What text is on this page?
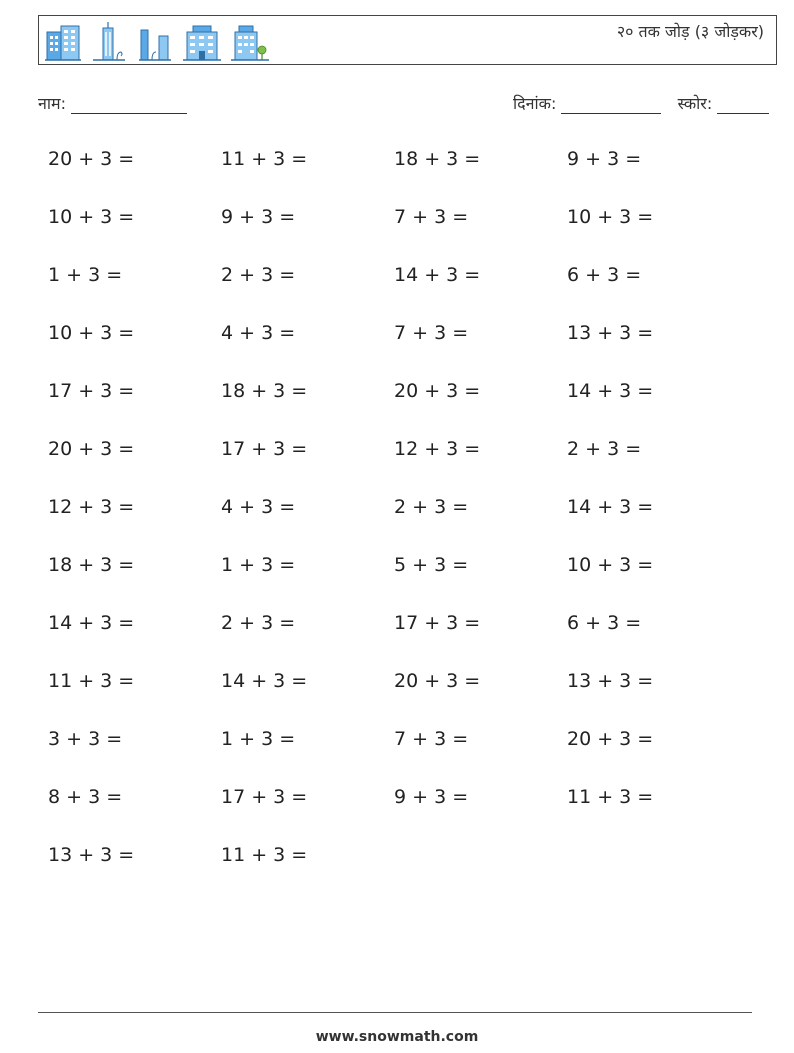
२० तक जोड़ (३ जोड़कर)
नाम:	दिनांक:	स्कोर:
20 + 3 =	11 + 3 =	18 + 3 =	9 + 3 =
10 + 3 =	9 + 3 =	7 + 3 =	10 + 3 =
1 + 3 =	2 + 3 =	14 + 3 =	6 + 3 =
10 + 3 =	4 + 3 =	7 + 3 =	13 + 3 =
17 + 3 =	18 + 3 =	20 + 3 =	14 + 3 =
20 + 3 =	17 + 3 =	12 + 3 =	2 + 3 =
12 + 3 =	4 + 3 =	2 + 3 =	14 + 3 =
18 + 3 =	1 + 3 =	5 + 3 =	10 + 3 =
14 + 3 =	2 + 3 =	17 + 3 =	6 + 3 =
11 + 3 =	14 + 3 =	20 + 3 =	13 + 3 =
3 + 3 =	1 + 3 =	7 + 3 =	20 + 3 =
8 + 3 =	17 + 3 =	9 + 3 =	11 + 3 =
13 + 3 =	11 + 3 =
www.snowmath.com
